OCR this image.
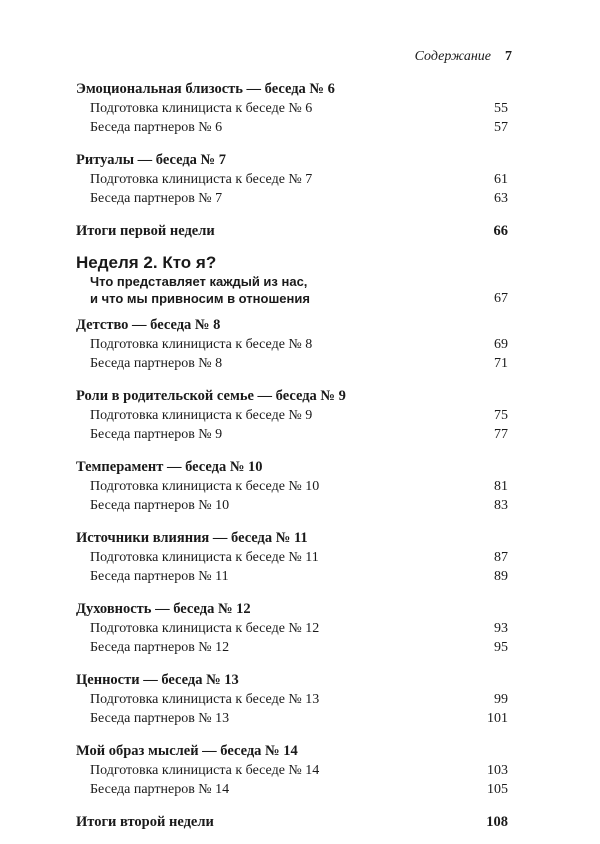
Содержание 7
Эмоциональная близость — беседа № 6
Подготовка клинициста к беседе № 6	55
Беседа партнеров № 6	57
Ритуалы — беседа № 7
Подготовка клинициста к беседе № 7	61
Беседа партнеров № 7	63
Итоги первой недели	66
Неделя 2. Кто я?
Что представляет каждый из нас,
и что мы привносим в отношения	67
Детство — беседа № 8
Подготовка клинициста к беседе № 8	69
Беседа партнеров № 8	71
Роли в родительской семье — беседа № 9
Подготовка клинициста к беседе № 9	75
Беседа партнеров № 9	77
Темперамент — беседа № 10
Подготовка клинициста к беседе № 10	81
Беседа партнеров № 10	83
Источники влияния — беседа № 11
Подготовка клинициста к беседе № 11	87
Беседа партнеров № 11	89
Духовность — беседа № 12
Подготовка клинициста к беседе № 12	93
Беседа партнеров № 12	95
Ценности — беседа № 13
Подготовка клинициста к беседе № 13	99
Беседа партнеров № 13	101
Мой образ мыслей — беседа № 14
Подготовка клинициста к беседе № 14	103
Беседа партнеров № 14	105
Итоги второй недели	108
